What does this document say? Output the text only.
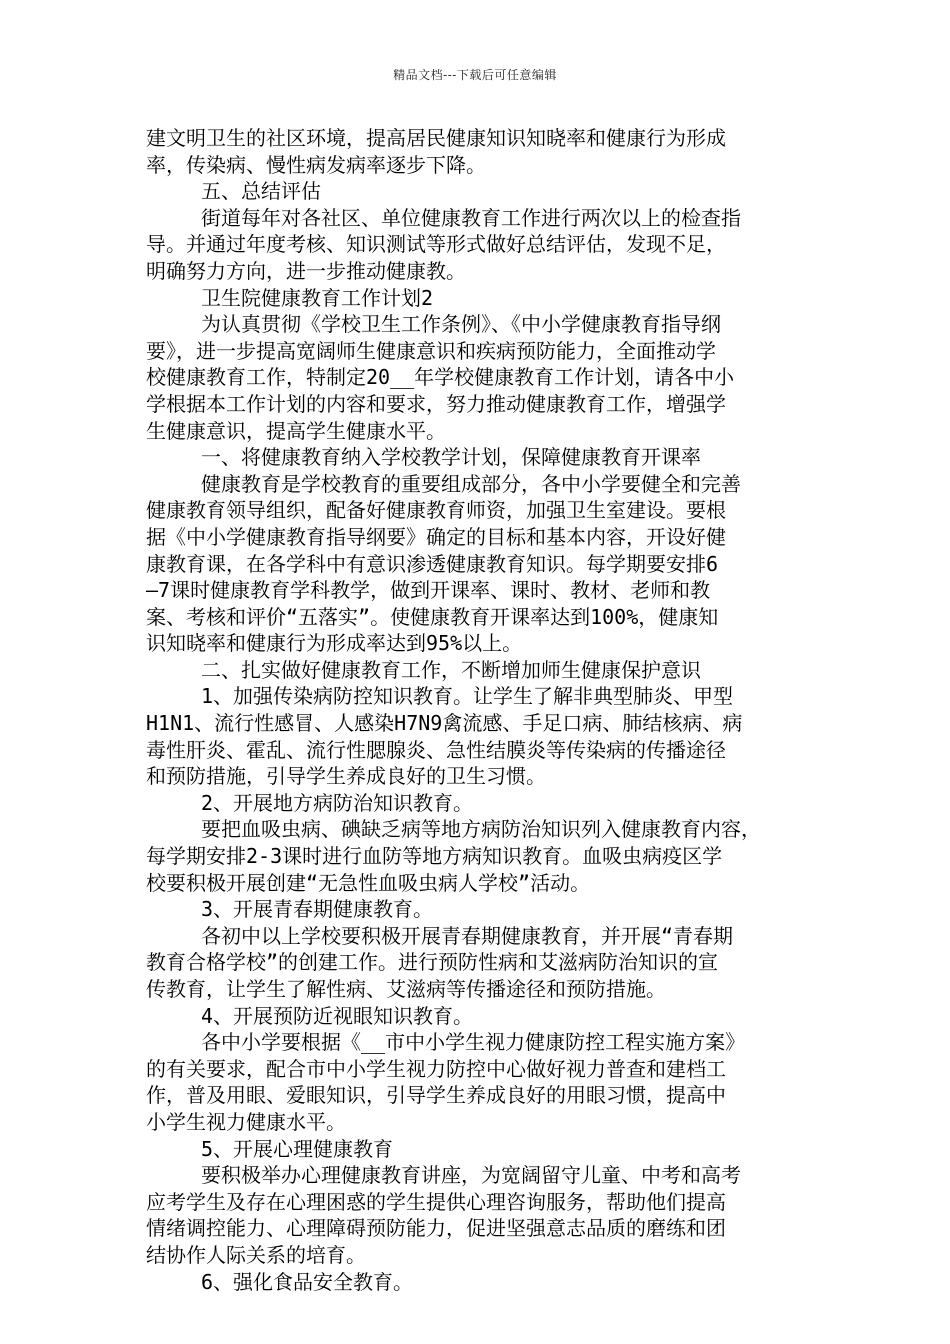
精品文档---下载后可任意编辑
建文明卫生的社区环境，提高居民健康知识知晓率和健康行为形成
率，传染病、慢性病发病率逐步下降。
五、总结评估
街道每年对各社区、单位健康教育工作进行两次以上的检查指
导。并通过年度考核、知识测试等形式做好总结评估，发现不足，
明确努力方向，进一步推动健康教。
卫生院健康教育工作计划2
为认真贯彻《学校卫生工作条例》、《中小学健康教育指导纲
要》，进一步提高宽阔师生健康意识和疾病预防能力，全面推动学
校健康教育工作，特制定20__年学校健康教育工作计划，请各中小
学根据本工作计划的内容和要求，努力推动健康教育工作，增强学
生健康意识，提高学生健康水平。
一、将健康教育纳入学校教学计划，保障健康教育开课率
健康教育是学校教育的重要组成部分，各中小学要健全和完善
健康教育领导组织，配备好健康教育师资，加强卫生室建设。要根
据《中小学健康教育指导纲要》确定的目标和基本内容，开设好健
康教育课，在各学科中有意识渗透健康教育知识。每学期要安排6
—7课时健康教育学科教学，做到开课率、课时、教材、老师和教
案、考核和评价“五落实”。使健康教育开课率达到100%，健康知
识知晓率和健康行为形成率达到95%以上。
二、扎实做好健康教育工作，不断增加师生健康保护意识
1、加强传染病防控知识教育。让学生了解非典型肺炎、甲型
H1N1、流行性感冒、人感染H7N9禽流感、手足口病、肺结核病、病
毒性肝炎、霍乱、流行性腮腺炎、急性结膜炎等传染病的传播途径
和预防措施，引导学生养成良好的卫生习惯。
2、开展地方病防治知识教育。
要把血吸虫病、碘缺乏病等地方病防治知识列入健康教育内容，
每学期安排2-3课时进行血防等地方病知识教育。血吸虫病疫区学
校要积极开展创建“无急性血吸虫病人学校”活动。
3、开展青春期健康教育。
各初中以上学校要积极开展青春期健康教育，并开展“青春期
教育合格学校”的创建工作。进行预防性病和艾滋病防治知识的宣
传教育，让学生了解性病、艾滋病等传播途径和预防措施。
4、开展预防近视眼知识教育。
各中小学要根据《__市中小学生视力健康防控工程实施方案》
的有关要求，配合市中小学生视力防控中心做好视力普查和建档工
作，普及用眼、爱眼知识，引导学生养成良好的用眼习惯，提高中
小学生视力健康水平。
5、开展心理健康教育
要积极举办心理健康教育讲座，为宽阔留守儿童、中考和高考
应考学生及存在心理困惑的学生提供心理咨询服务，帮助他们提高
情绪调控能力、心理障碍预防能力，促进坚强意志品质的磨练和团
结协作人际关系的培育。
6、强化食品安全教育。
